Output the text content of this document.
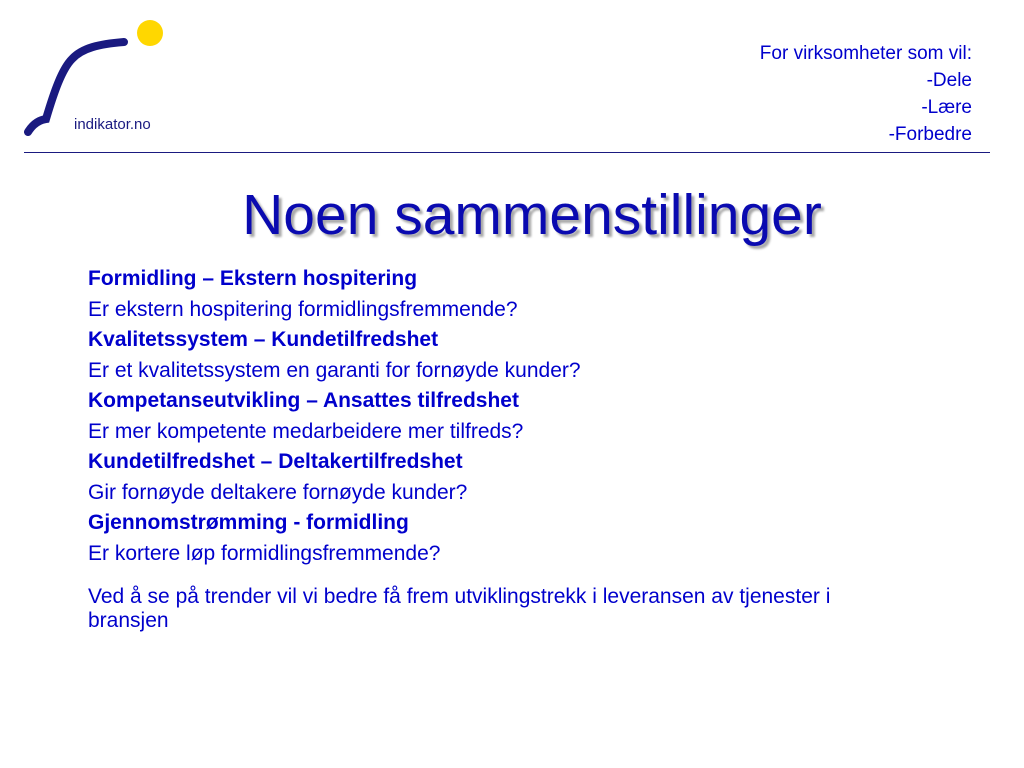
indikator.no
For virksomheter som vil:
-Dele
-Lære
-Forbedre
Noen sammenstillinger
Formidling – Ekstern hospitering
Er ekstern hospitering formidlingsfremmende?
Kvalitetssystem – Kundetilfredshet
Er et kvalitetssystem en garanti for fornøyde kunder?
Kompetanseutvikling – Ansattes tilfredshet
Er mer kompetente medarbeidere mer tilfreds?
Kundetilfredshet – Deltakertilfredshet
Gir fornøyde deltakere fornøyde kunder?
Gjennomstrømming - formidling
Er kortere løp formidlingsfremmende?
Ved å se på trender vil vi bedre få frem utviklingstrekk i leveransen av tjenester i bransjen
